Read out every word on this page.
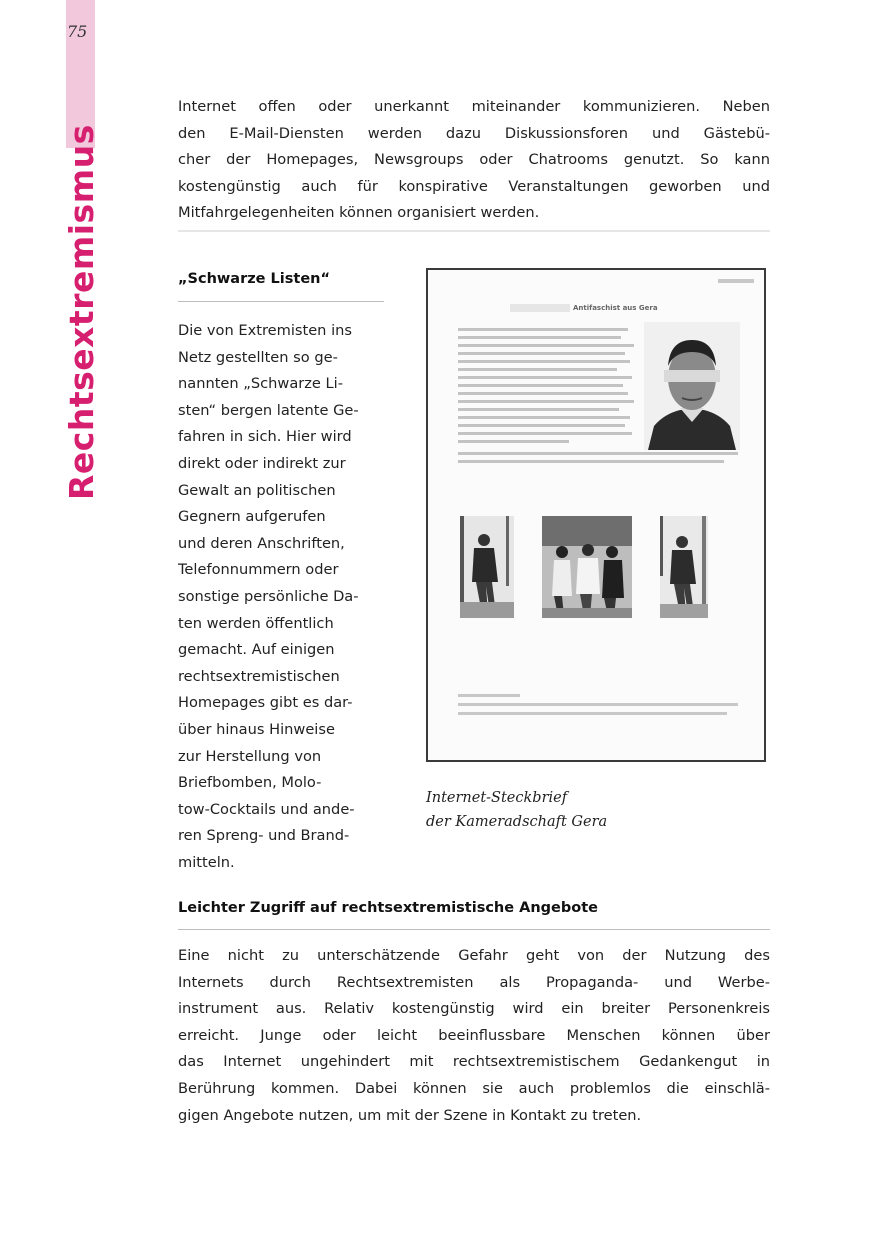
75
Rechtsextremismus
Internet offen oder unerkannt miteinander kommunizieren. Neben
den E-Mail-Diensten werden dazu Diskussionsforen und Gästebü-
cher der Homepages, Newsgroups oder Chatrooms genutzt. So kann
kostengünstig auch für konspirative Veranstaltungen geworben und
Mitfahrgelegenheiten können organisiert werden.
„Schwarze Listen“
Die von Extremisten ins
Netz gestellten so ge-
nannten „Schwarze Li-
sten“ bergen latente Ge-
fahren in sich. Hier wird
direkt oder indirekt zur
Gewalt an politischen
Gegnern aufgerufen
und deren Anschriften,
Telefonnummern oder
sonstige persönliche Da-
ten werden öffentlich
gemacht. Auf einigen
rechtsextremistischen
Homepages gibt es dar-
über hinaus Hinweise
zur Herstellung von
Briefbomben, Molo-
tow-Cocktails und ande-
ren Spreng- und Brand-
mitteln.
Antifaschist aus Gera
Internet-Steckbrief
der Kameradschaft Gera
Leichter Zugriff auf rechtsextremistische Angebote
Eine nicht zu unterschätzende Gefahr geht von der Nutzung des
Internets durch Rechtsextremisten als Propaganda- und Werbe-
instrument aus. Relativ kostengünstig wird ein breiter Personenkreis
erreicht. Junge oder leicht beeinflussbare Menschen können über
das Internet ungehindert mit rechtsextremistischem Gedankengut in
Berührung kommen. Dabei können sie auch problemlos die einschlä-
gigen Angebote nutzen, um mit der Szene in Kontakt zu treten.
